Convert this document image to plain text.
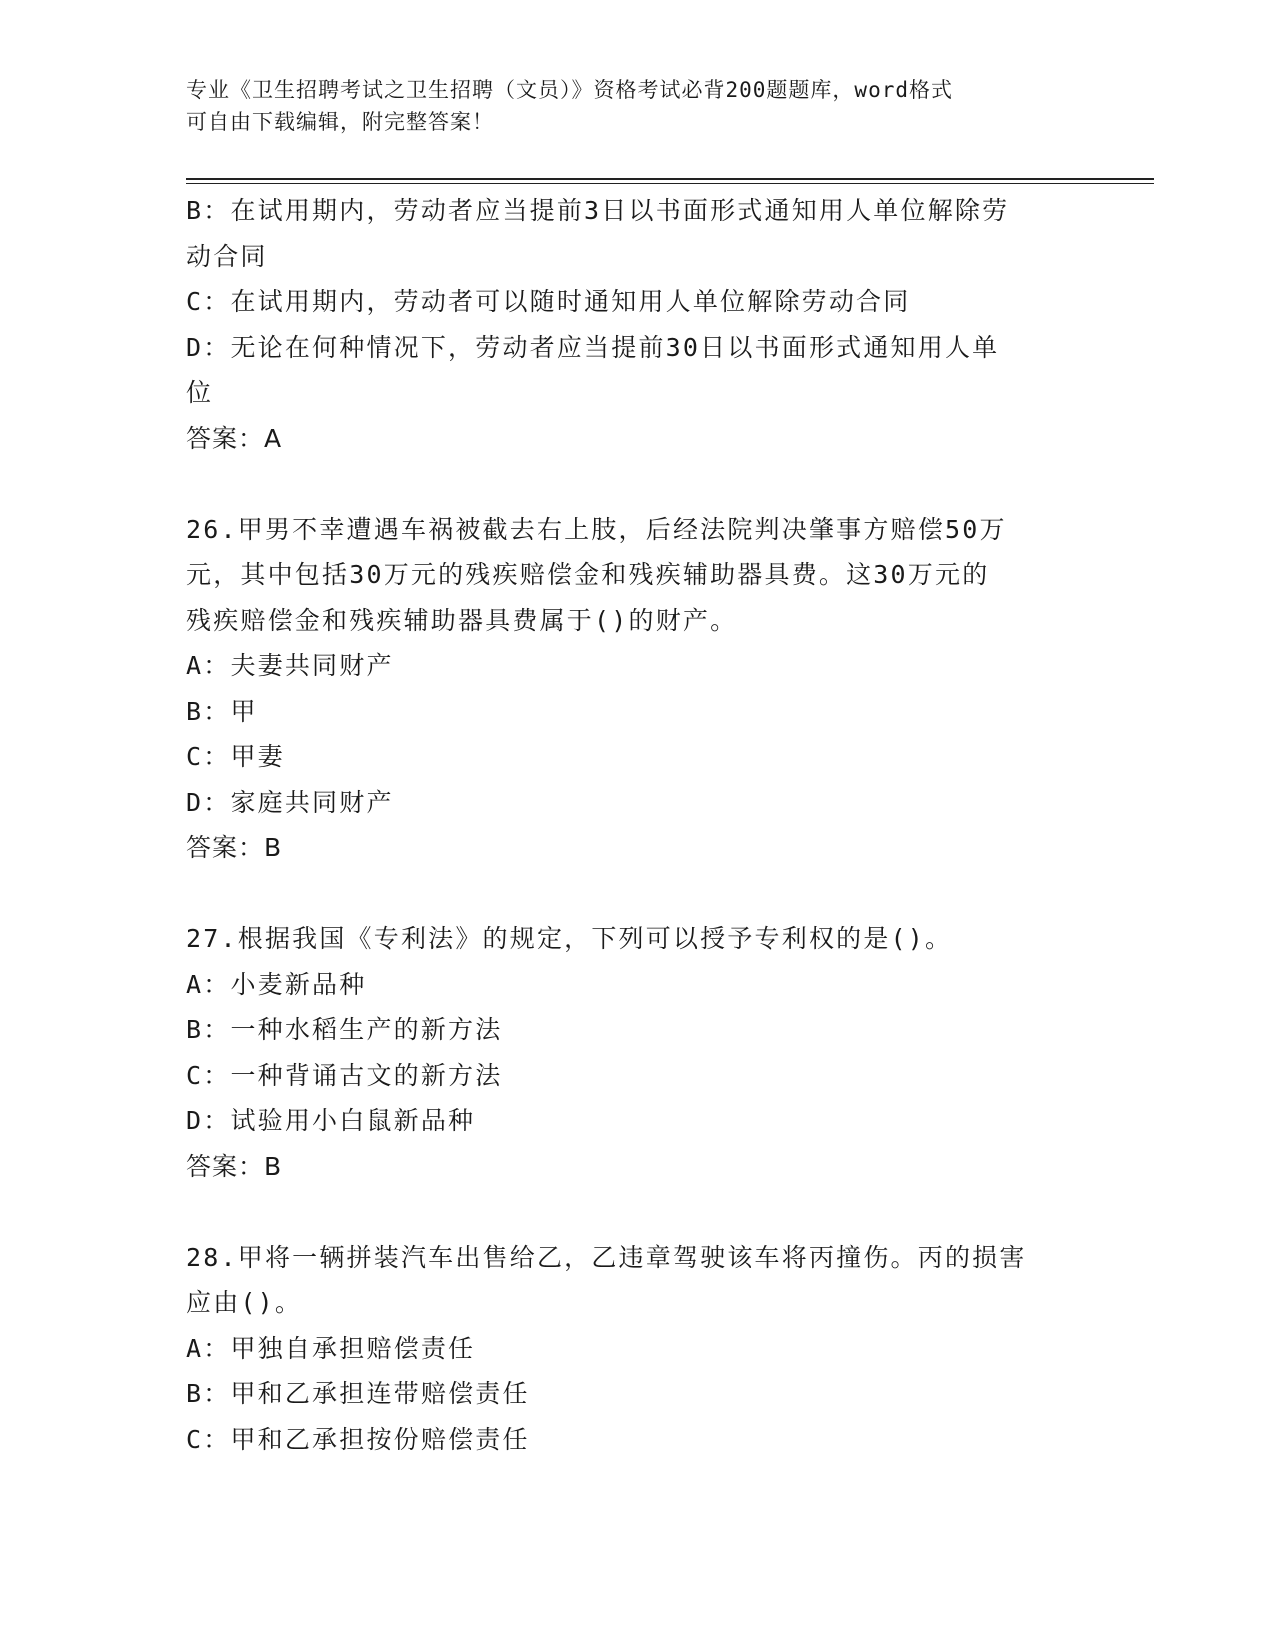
专业《卫生招聘考试之卫生招聘（文员）》资格考试必背200题题库，word格式
可自由下载编辑，附完整答案！
B：在试用期内，劳动者应当提前3日以书面形式通知用人单位解除劳
动合同
C：在试用期内，劳动者可以随时通知用人单位解除劳动合同
D：无论在何种情况下，劳动者应当提前30日以书面形式通知用人单
位
答案：A
26.甲男不幸遭遇车祸被截去右上肢，后经法院判决肇事方赔偿50万
元，其中包括30万元的残疾赔偿金和残疾辅助器具费。这30万元的
残疾赔偿金和残疾辅助器具费属于()的财产。
A：夫妻共同财产
B：甲
C：甲妻
D：家庭共同财产
答案：B
27.根据我国《专利法》的规定，下列可以授予专利权的是()。
A：小麦新品种
B：一种水稻生产的新方法
C：一种背诵古文的新方法
D：试验用小白鼠新品种
答案：B
28.甲将一辆拼装汽车出售给乙，乙违章驾驶该车将丙撞伤。丙的损害
应由()。
A：甲独自承担赔偿责任
B：甲和乙承担连带赔偿责任
C：甲和乙承担按份赔偿责任
